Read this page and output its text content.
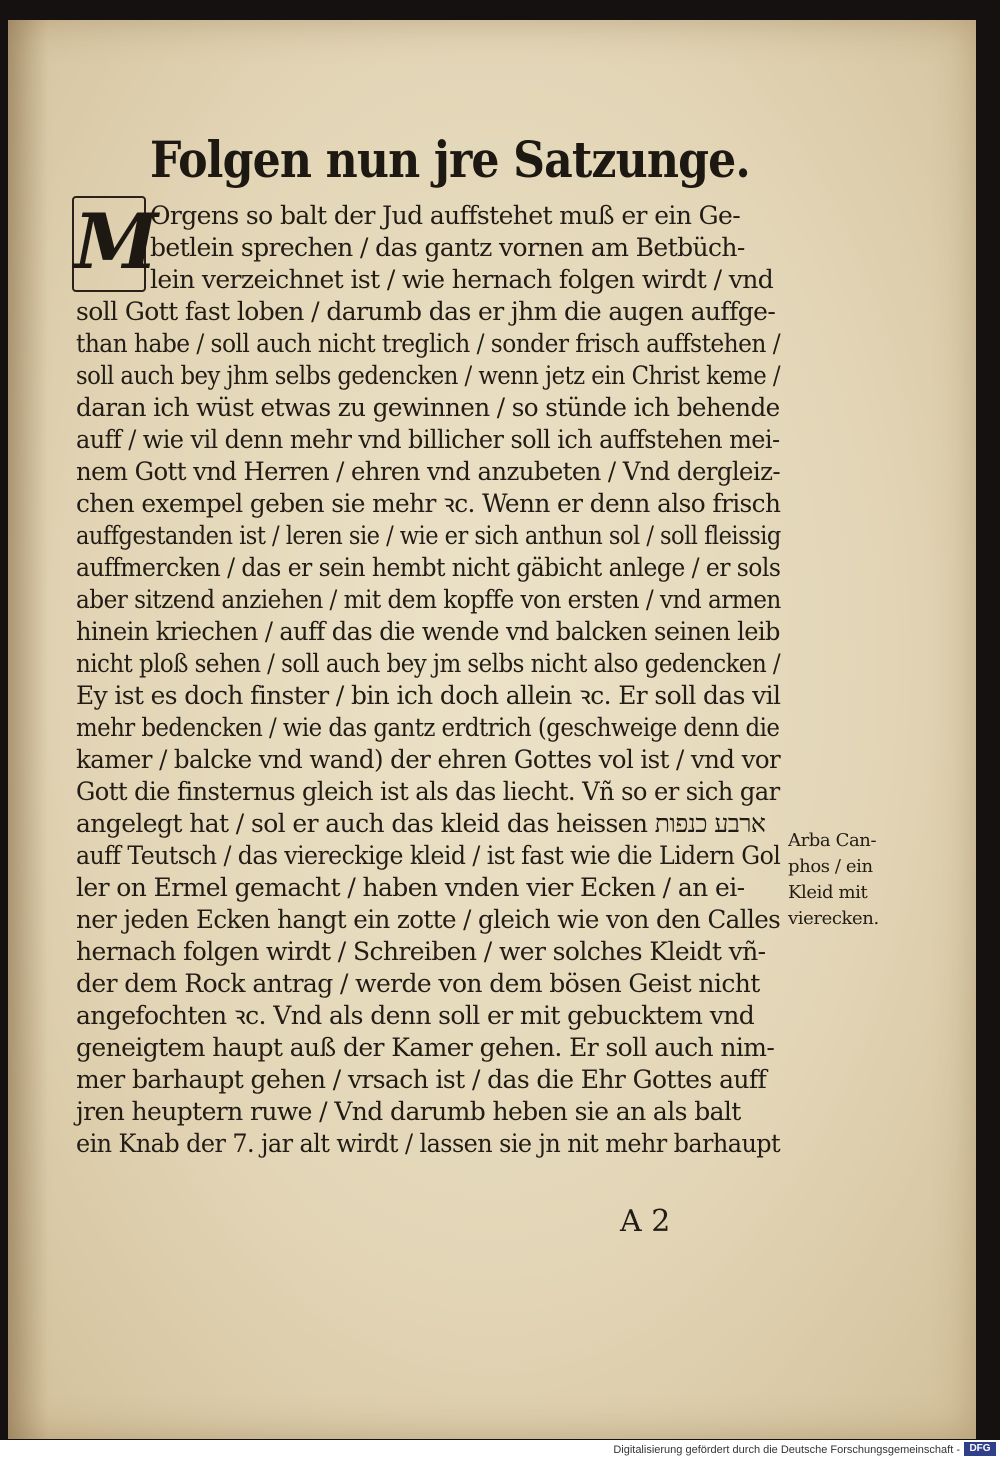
Folgen nun jre Satzunge.
M
Orgens so balt der Jud auffstehet muß er ein Ge-
betlein sprechen / das gantz vornen am Betbüch-
lein verzeichnet ist / wie hernach folgen wirdt / vnd
soll Gott fast loben / darumb das er jhm die augen auffge-
than habe / soll auch nicht treglich / sonder frisch auffstehen /
soll auch bey jhm selbs gedencken / wenn jetz ein Christ keme /
daran ich wüst etwas zu gewinnen / so stünde ich behende
auff / wie vil denn mehr vnd billicher soll ich auffstehen mei-
nem Gott vnd Herren / ehren vnd anzubeten / Vnd dergleiz-
chen exempel geben sie mehr ꝛc. Wenn er denn also frisch
auffgestanden ist / leren sie / wie er sich anthun sol / soll fleissig
auffmercken / das er sein hembt nicht gäbicht anlege / er sols
aber sitzend anziehen / mit dem kopffe von ersten / vnd armen
hinein kriechen / auff das die wende vnd balcken seinen leib
nicht ploß sehen / soll auch bey jm selbs nicht also gedencken /
Ey ist es doch finster / bin ich doch allein ꝛc. Er soll das vil
mehr bedencken / wie das gantz erdtrich (geschweige denn die
kamer / balcke vnd wand) der ehren Gottes vol ist / vnd vor
Gott die finsternus gleich ist als das liecht. Vñ so er sich gar
angelegt hat / sol er auch das kleid das heissen ארבע כנפות
auff Teutsch / das viereckige kleid / ist fast wie die Lidern Gol
ler on Ermel gemacht / haben vnden vier Ecken / an ei-
ner jeden Ecken hangt ein zotte / gleich wie von den Calles
hernach folgen wirdt / Schreiben / wer solches Kleidt vñ-
der dem Rock antrag / werde von dem bösen Geist nicht
angefochten ꝛc. Vnd als denn soll er mit gebucktem vnd
geneigtem haupt auß der Kamer gehen. Er soll auch nim-
mer barhaupt gehen / vrsach ist / das die Ehr Gottes auff
jren heuptern ruwe / Vnd darumb heben sie an als balt
ein Knab der 7. jar alt wirdt / lassen sie jn nit mehr barhaupt
Arba Can-
phos / ein
Kleid mit
vierecken.
A 2
Digitalisierung gefördert durch die Deutsche Forschungsgemeinschaft - DFG
